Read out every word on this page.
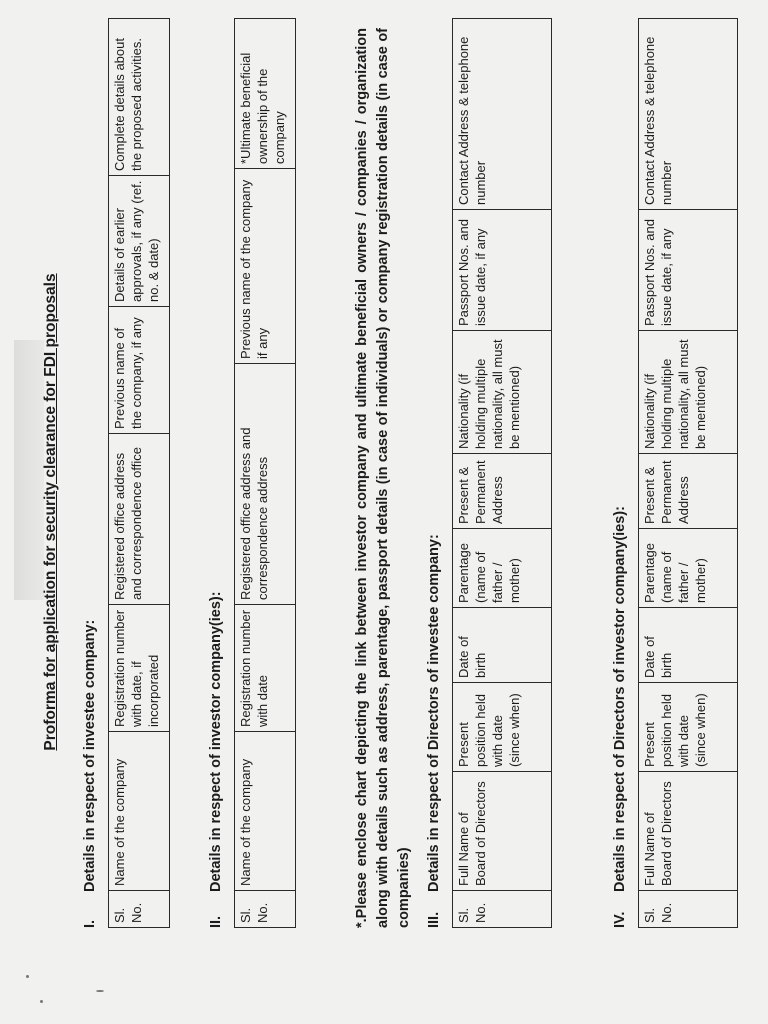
Proforma for application for security clearance for FDI proposals
I.Details in respect of investee company:
Sl. No.	Name of the company	Registration number with date, if incorporated	Registered office address and correspondence office	Previous name of the company, if any	Details of earlier approvals, if any (ref. no. & date)	Complete details about the proposed activities.
II.Details in respect of investor company(ies):
Sl. No.	Name of the company	Registration number with date	Registered office address and correspondence address	Previous name of the company if any	*Ultimate beneficial ownership of the company	*.Please enclose chart depicting the link between investor company and ultimate beneficial owners / companies / organization along with details such as address, parentage, passport details (in case of individuals) or company registration details (in case of companies) III.Details in respect of Directors of investee company:
Sl. No.	Full Name of Board of Directors	Present position held with date (since when)	Date of birth	Parentage (name of father / mother)	Present & Permanent Address	Nationality (if holding multiple nationality, all must be mentioned)	Passport Nos. and issue date, if any	Contact Address & telephone number
IV.Details in respect of Directors of investor company(ies):
Sl. No.	Full Name of Board of Directors	Present position held with date (since when)	Date of birth	Parentage (name of father / mother)	Present & Permanent Address	Nationality (if holding multiple nationality, all must be mentioned)	Passport Nos. and issue date, if any	Contact Address & telephone number
